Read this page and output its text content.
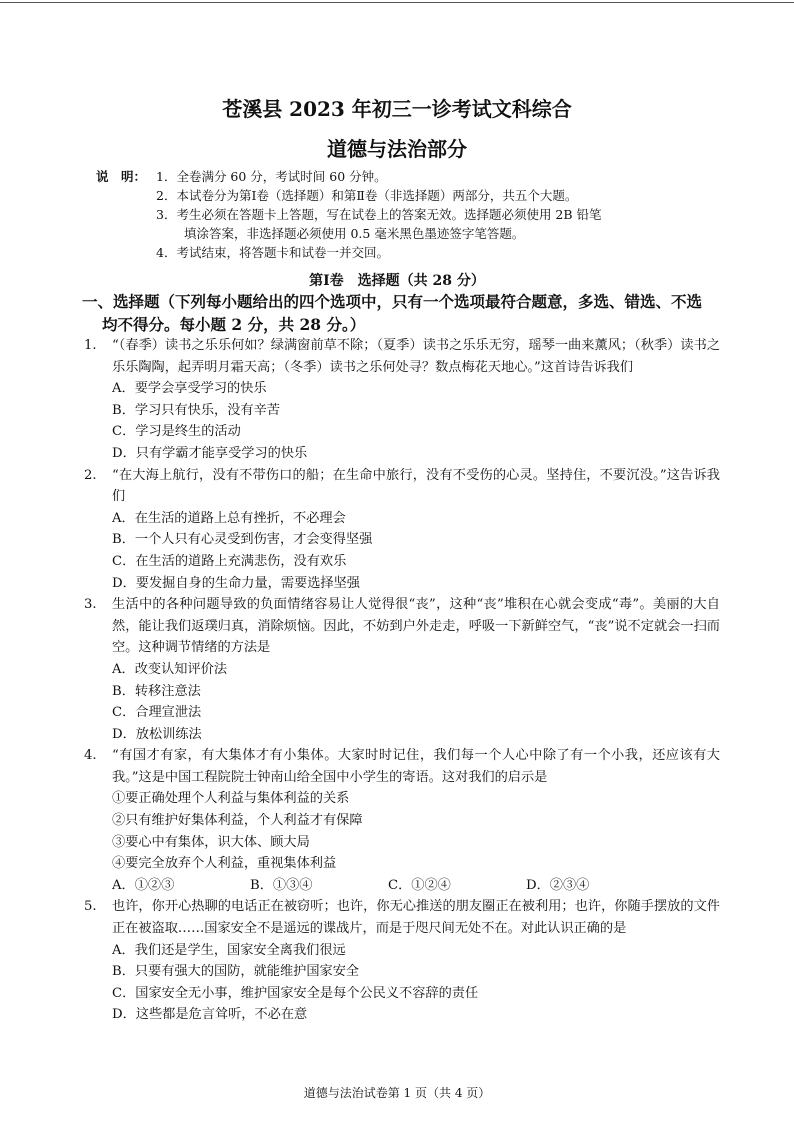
苍溪县 2023 年初三一诊考试文科综合
道德与法治部分
说　明： 1．全卷满分 60 分，考试时间 60 分钟。
2．本试卷分为第Ⅰ卷（选择题）和第Ⅱ卷（非选择题）两部分，共五个大题。
3．考生必须在答题卡上答题，写在试卷上的答案无效。选择题必须使用 2B 铅笔
填涂答案，非选择题必须使用 0.5 毫米黑色墨迹签字笔答题。
4．考试结束，将答题卡和试卷一并交回。
第Ⅰ卷　选择题（共 28 分）
一、选择题（下列每小题给出的四个选项中，只有一个选项最符合题意，多选、错选、不选
均不得分。每小题 2 分，共 28 分。）
1.	“（春季）读书之乐乐何如？绿满窗前草不除；（夏季）读书之乐乐无穷，瑶琴一曲来薰风；（秋季）读书之乐乐陶陶，起弄明月霜天高；（冬季）读书之乐何处寻？数点梅花天地心。”这首诗告诉我们
A．要学会享受学习的快乐
B．学习只有快乐，没有辛苦
C．学习是终生的活动
D．只有学霸才能享受学习的快乐
2.	“在大海上航行，没有不带伤口的船；在生命中旅行，没有不受伤的心灵。坚持住，不要沉没。”这告诉我们
A．在生活的道路上总有挫折，不必理会
B．一个人只有心灵受到伤害，才会变得坚强
C．在生活的道路上充满悲伤，没有欢乐
D．要发掘自身的生命力量，需要选择坚强
3.	生活中的各种问题导致的负面情绪容易让人觉得很“丧”，这种“丧”堆积在心就会变成“毒”。美丽的大自然，能让我们返璞归真，消除烦恼。因此，不妨到户外走走，呼吸一下新鲜空气，“丧”说不定就会一扫而空。这种调节情绪的方法是
A．改变认知评价法
B．转移注意法
C．合理宣泄法
D．放松训练法
4.	“有国才有家，有大集体才有小集体。大家时时记住，我们每一个人心中除了有一个小我，还应该有大我。”这是中国工程院院士钟南山给全国中小学生的寄语。这对我们的启示是
①要正确处理个人利益与集体利益的关系
②只有维护好集体利益，个人利益才有保障
③要心中有集体，识大体、顾大局
④要完全放弃个人利益，重视集体利益
A．①②③	B．①③④	C．①②④	D．②③④
5.	也许，你开心热聊的电话正在被窃听；也许，你无心推送的朋友圈正在被利用；也许，你随手摆放的文件正在被盗取……国家安全不是遥远的谍战片，而是于咫尺间无处不在。对此认识正确的是
A．我们还是学生，国家安全离我们很远
B．只要有强大的国防，就能维护国家安全
C．国家安全无小事，维护国家安全是每个公民义不容辞的责任
D．这些都是危言耸听，不必在意
道德与法治试卷第 1 页（共 4 页）
